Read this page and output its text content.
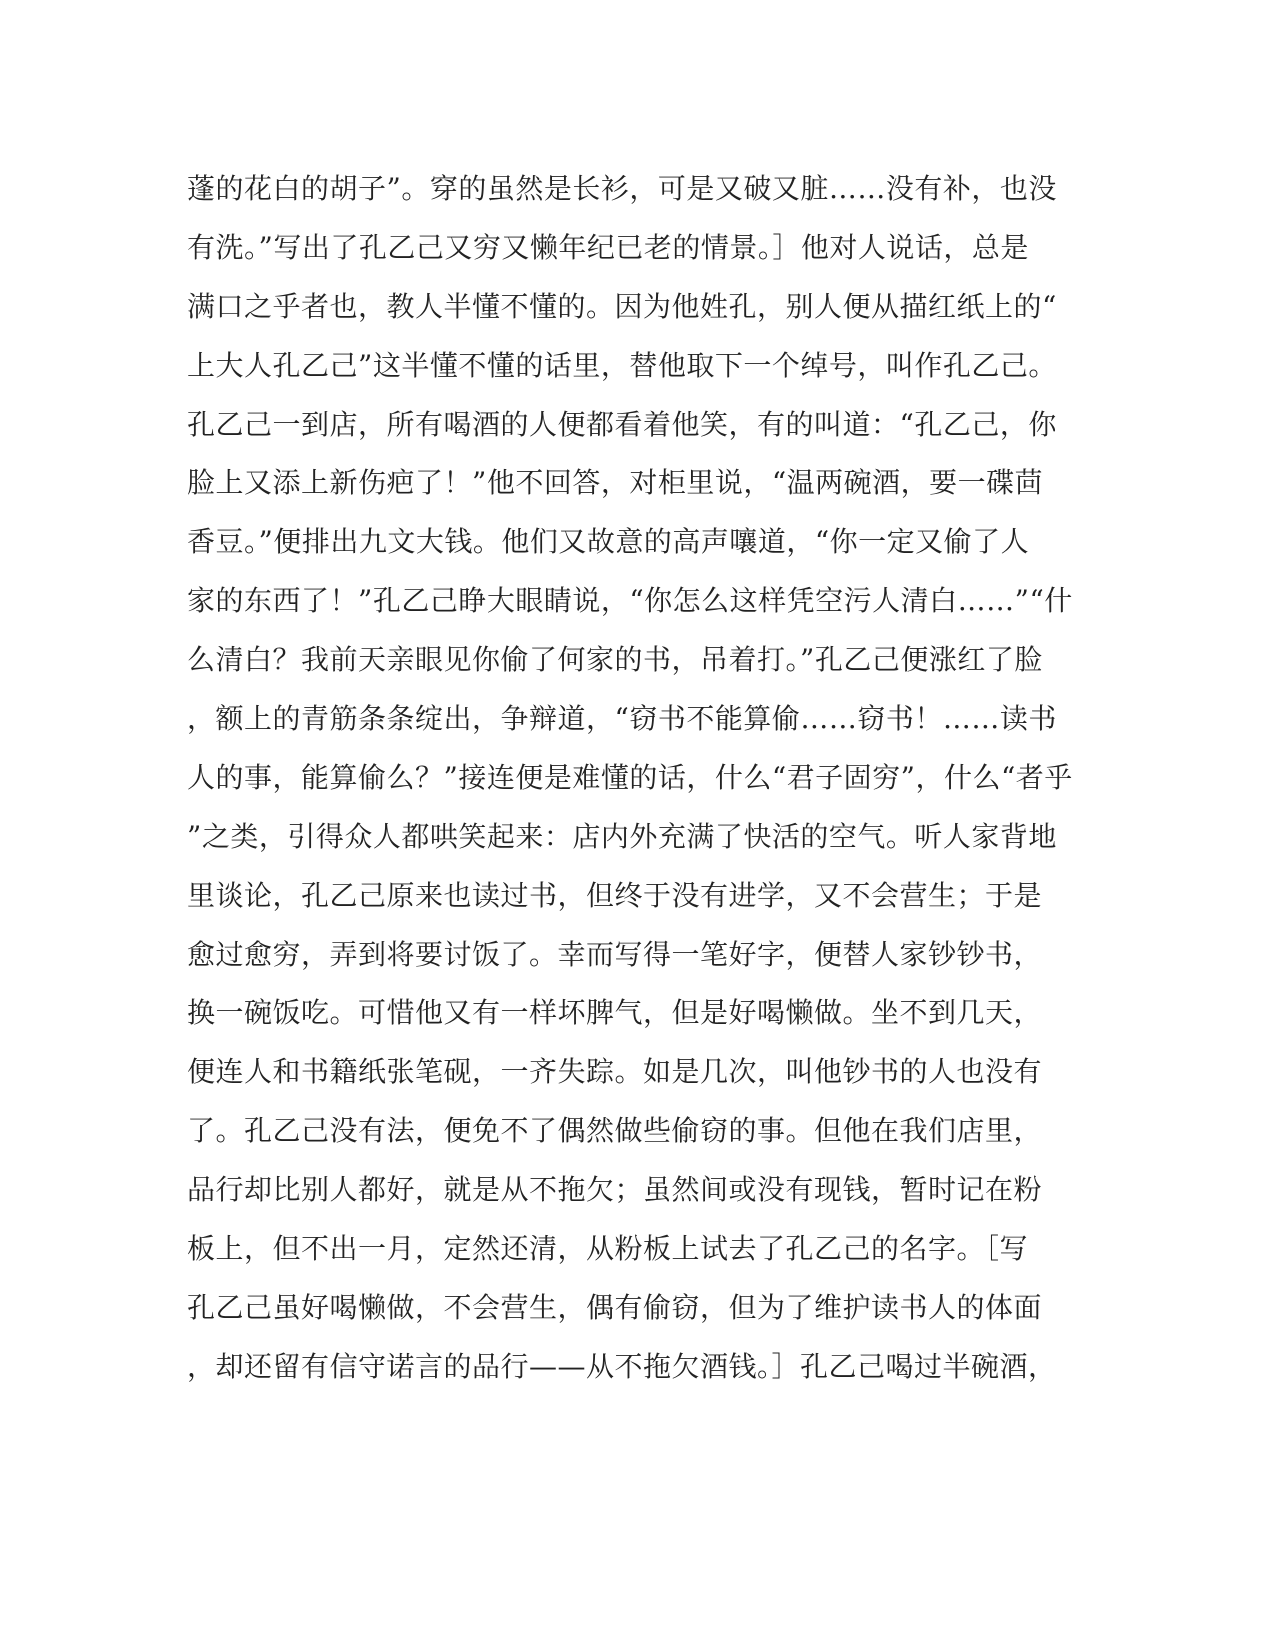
蓬的花白的胡子”。穿的虽然是长衫，可是又破又脏……没有补，也没
有洗。”写出了孔乙己又穷又懒年纪已老的情景。］他对人说话，总是
满口之乎者也，教人半懂不懂的。因为他姓孔，别人便从描红纸上的“
上大人孔乙己”这半懂不懂的话里，替他取下一个绰号，叫作孔乙己。
孔乙己一到店，所有喝酒的人便都看着他笑，有的叫道：“孔乙己，你
脸上又添上新伤疤了！”他不回答，对柜里说，“温两碗酒，要一碟茴
香豆。”便排出九文大钱。他们又故意的高声嚷道，“你一定又偷了人
家的东西了！”孔乙己睁大眼睛说，“你怎么这样凭空污人清白……”“什
么清白？我前天亲眼见你偷了何家的书，吊着打。”孔乙己便涨红了脸
，额上的青筋条条绽出，争辩道，“窃书不能算偷……窃书！……读书
人的事，能算偷么？”接连便是难懂的话，什么“君子固穷”，什么“者乎
”之类，引得众人都哄笑起来：店内外充满了快活的空气。听人家背地
里谈论，孔乙己原来也读过书，但终于没有进学，又不会营生；于是
愈过愈穷，弄到将要讨饭了。幸而写得一笔好字，便替人家钞钞书，
换一碗饭吃。可惜他又有一样坏脾气，但是好喝懒做。坐不到几天，
便连人和书籍纸张笔砚，一齐失踪。如是几次，叫他钞书的人也没有
了。孔乙己没有法，便免不了偶然做些偷窃的事。但他在我们店里，
品行却比别人都好，就是从不拖欠；虽然间或没有现钱，暂时记在粉
板上，但不出一月，定然还清，从粉板上试去了孔乙己的名字。［写
孔乙己虽好喝懒做，不会营生，偶有偷窃，但为了维护读书人的体面
，却还留有信守诺言的品行——从不拖欠酒钱。］孔乙己喝过半碗酒，
